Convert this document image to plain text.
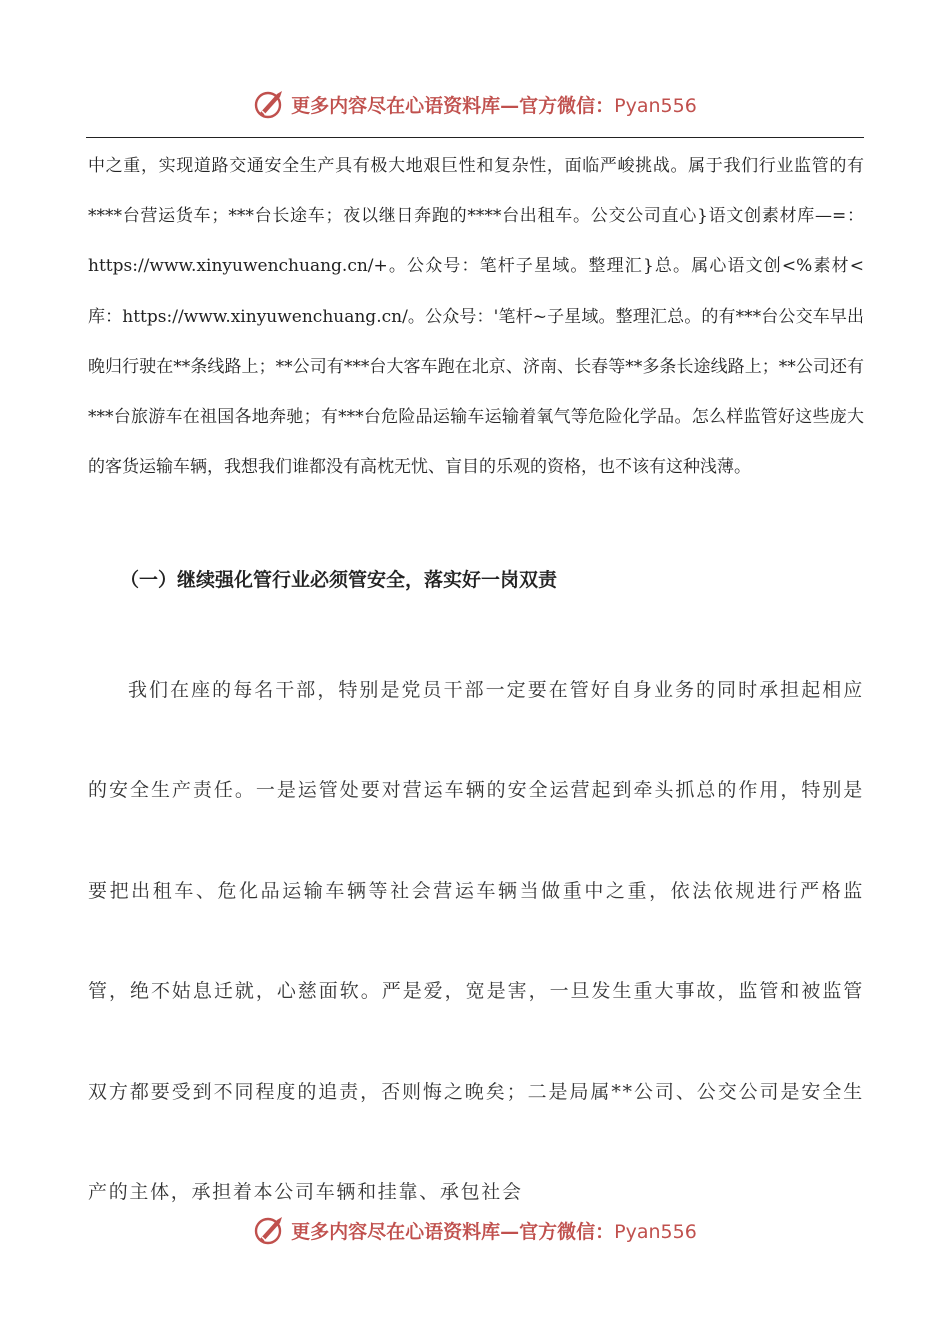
更多内容尽在心语资料库—官方微信：Pyan556
中之重，实现道路交通安全生产具有极大地艰巨性和复杂性，面临严峻挑战。属于我们行业监管的有****台营运货车；***台长途车；夜以继日奔跑的****台出租车。公交公司直心}语文创素材库—=：https://www.xinyuwenchuang.cn/+。公众号：笔杆子星域。整理汇}总。属心语文创<%素材<库：https://www.xinyuwenchuang.cn/。公众号：'笔杆~子星域。整理汇总。的有***台公交车早出晚归行驶在**条线路上；**公司有***台大客车跑在北京、济南、长春等**多条长途线路上；**公司还有***台旅游车在祖国各地奔驰；有***台危险品运输车运输着氧气等危险化学品。怎么样监管好这些庞大的客货运输车辆，我想我们谁都没有高枕无忧、盲目的乐观的资格，也不该有这种浅薄。
（一）继续强化管行业必须管安全，落实好一岗双责
我们在座的每名干部，特别是党员干部一定要在管好自身业务的同时承担起相应的安全生产责任。一是运管处要对营运车辆的安全运营起到牵头抓总的作用，特别是要把出租车、危化品运输车辆等社会营运车辆当做重中之重，依法依规进行严格监管，绝不姑息迁就，心慈面软。严是爱，宽是害，一旦发生重大事故，监管和被监管双方都要受到不同程度的追责，否则悔之晚矣；二是局属**公司、公交公司是安全生产的主体，承担着本公司车辆和挂靠、承包社会
更多内容尽在心语资料库—官方微信：Pyan556
